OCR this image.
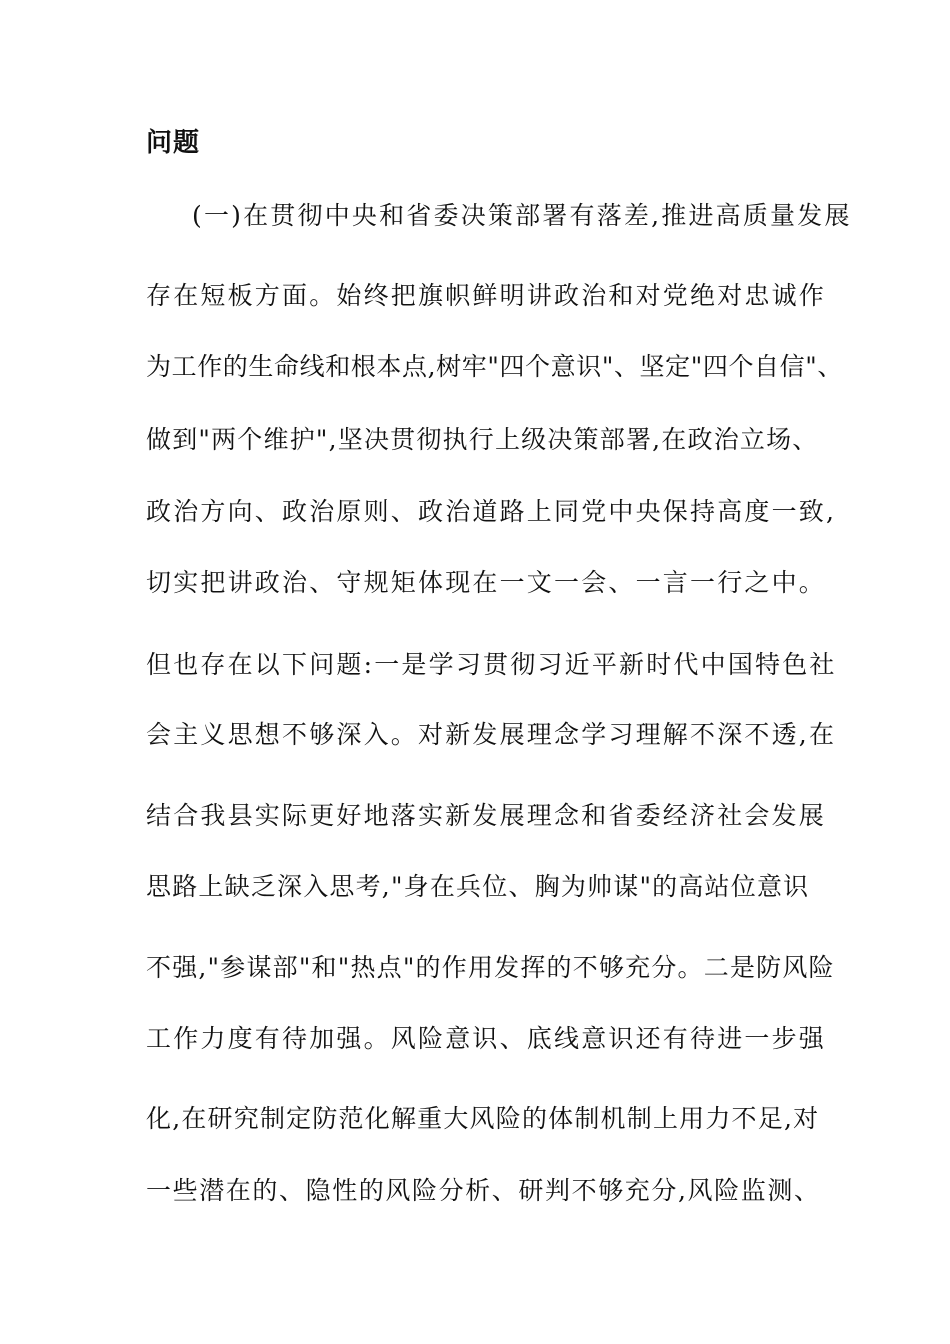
问题
(一)在贯彻中央和省委决策部署有落差,推进高质量发展
存在短板方面。始终把旗帜鲜明讲政治和对党绝对忠诚作
为工作的生命线和根本点,树牢"四个意识"、坚定"四个自信"、
做到"两个维护",坚决贯彻执行上级决策部署,在政治立场、
政治方向、政治原则、政治道路上同党中央保持高度一致,
切实把讲政治、守规矩体现在一文一会、一言一行之中。
但也存在以下问题:一是学习贯彻习近平新时代中国特色社
会主义思想不够深入。对新发展理念学习理解不深不透,在
结合我县实际更好地落实新发展理念和省委经济社会发展
思路上缺乏深入思考,"身在兵位、胸为帅谋"的高站位意识
不强,"参谋部"和"热点"的作用发挥的不够充分。二是防风险
工作力度有待加强。风险意识、底线意识还有待进一步强
化,在研究制定防范化解重大风险的体制机制上用力不足,对
一些潜在的、隐性的风险分析、研判不够充分,风险监测、
